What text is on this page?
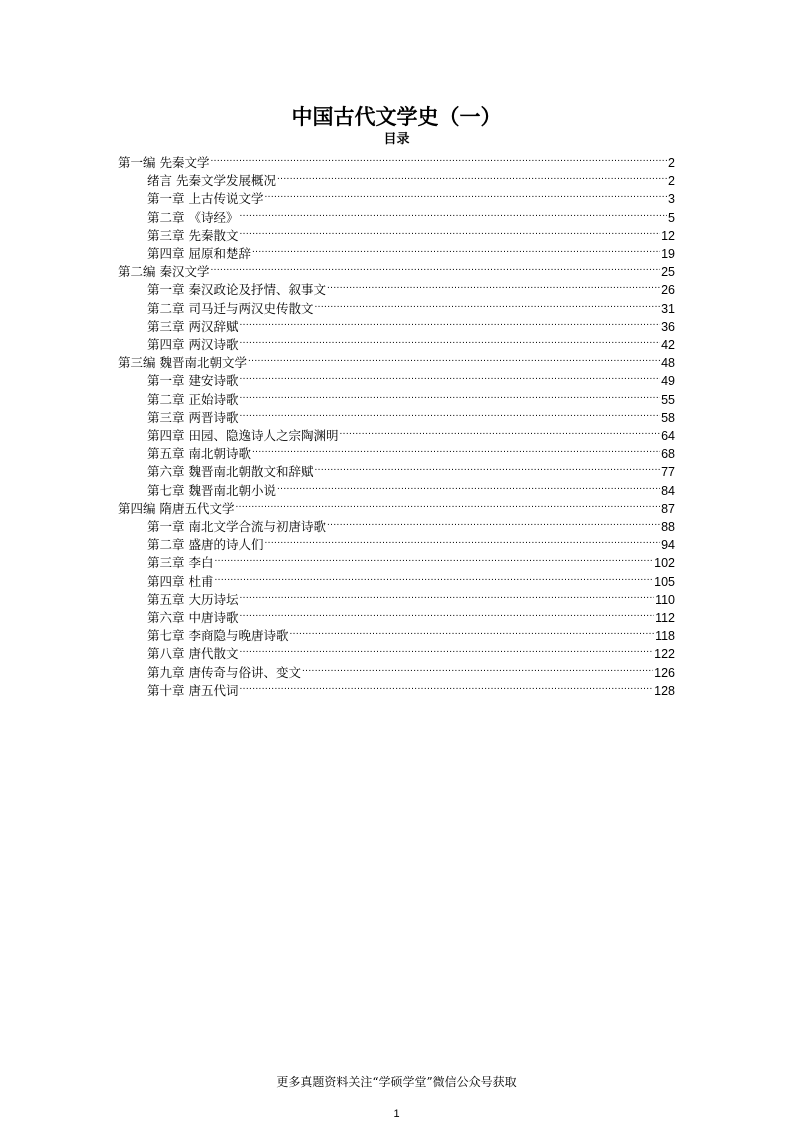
中国古代文学史（一）
目录
第一编 先秦文学 .....	2
绪言 先秦文学发展概况 .....	2
第一章 上古传说文学 .....	3
第二章 《诗经》 .....	5
第三章 先秦散文 .....	12
第四章 屈原和楚辞 .....	19
第二编 秦汉文学 .....	25
第一章 秦汉政论及抒情、叙事文 .....	26
第二章 司马迁与两汉史传散文 .....	31
第三章 两汉辞赋 .....	36
第四章 两汉诗歌 .....	42
第三编 魏晋南北朝文学 .....	48
第一章 建安诗歌 .....	49
第二章 正始诗歌 .....	55
第三章 两晋诗歌 .....	58
第四章 田园、隐逸诗人之宗陶渊明 .....	64
第五章 南北朝诗歌 .....	68
第六章 魏晋南北朝散文和辞赋 .....	77
第七章 魏晋南北朝小说 .....	84
第四编 隋唐五代文学 .....	87
第一章 南北文学合流与初唐诗歌 .....	88
第二章 盛唐的诗人们 .....	94
第三章 李白 .....	102
第四章 杜甫 .....	105
第五章 大历诗坛 .....	110
第六章 中唐诗歌 .....	112
第七章 李商隐与晚唐诗歌 .....	118
第八章 唐代散文 .....	122
第九章 唐传奇与俗讲、变文 .....	126
第十章 唐五代词 .....	128
更多真题资料关注“学硕学堂”微信公众号获取
1
